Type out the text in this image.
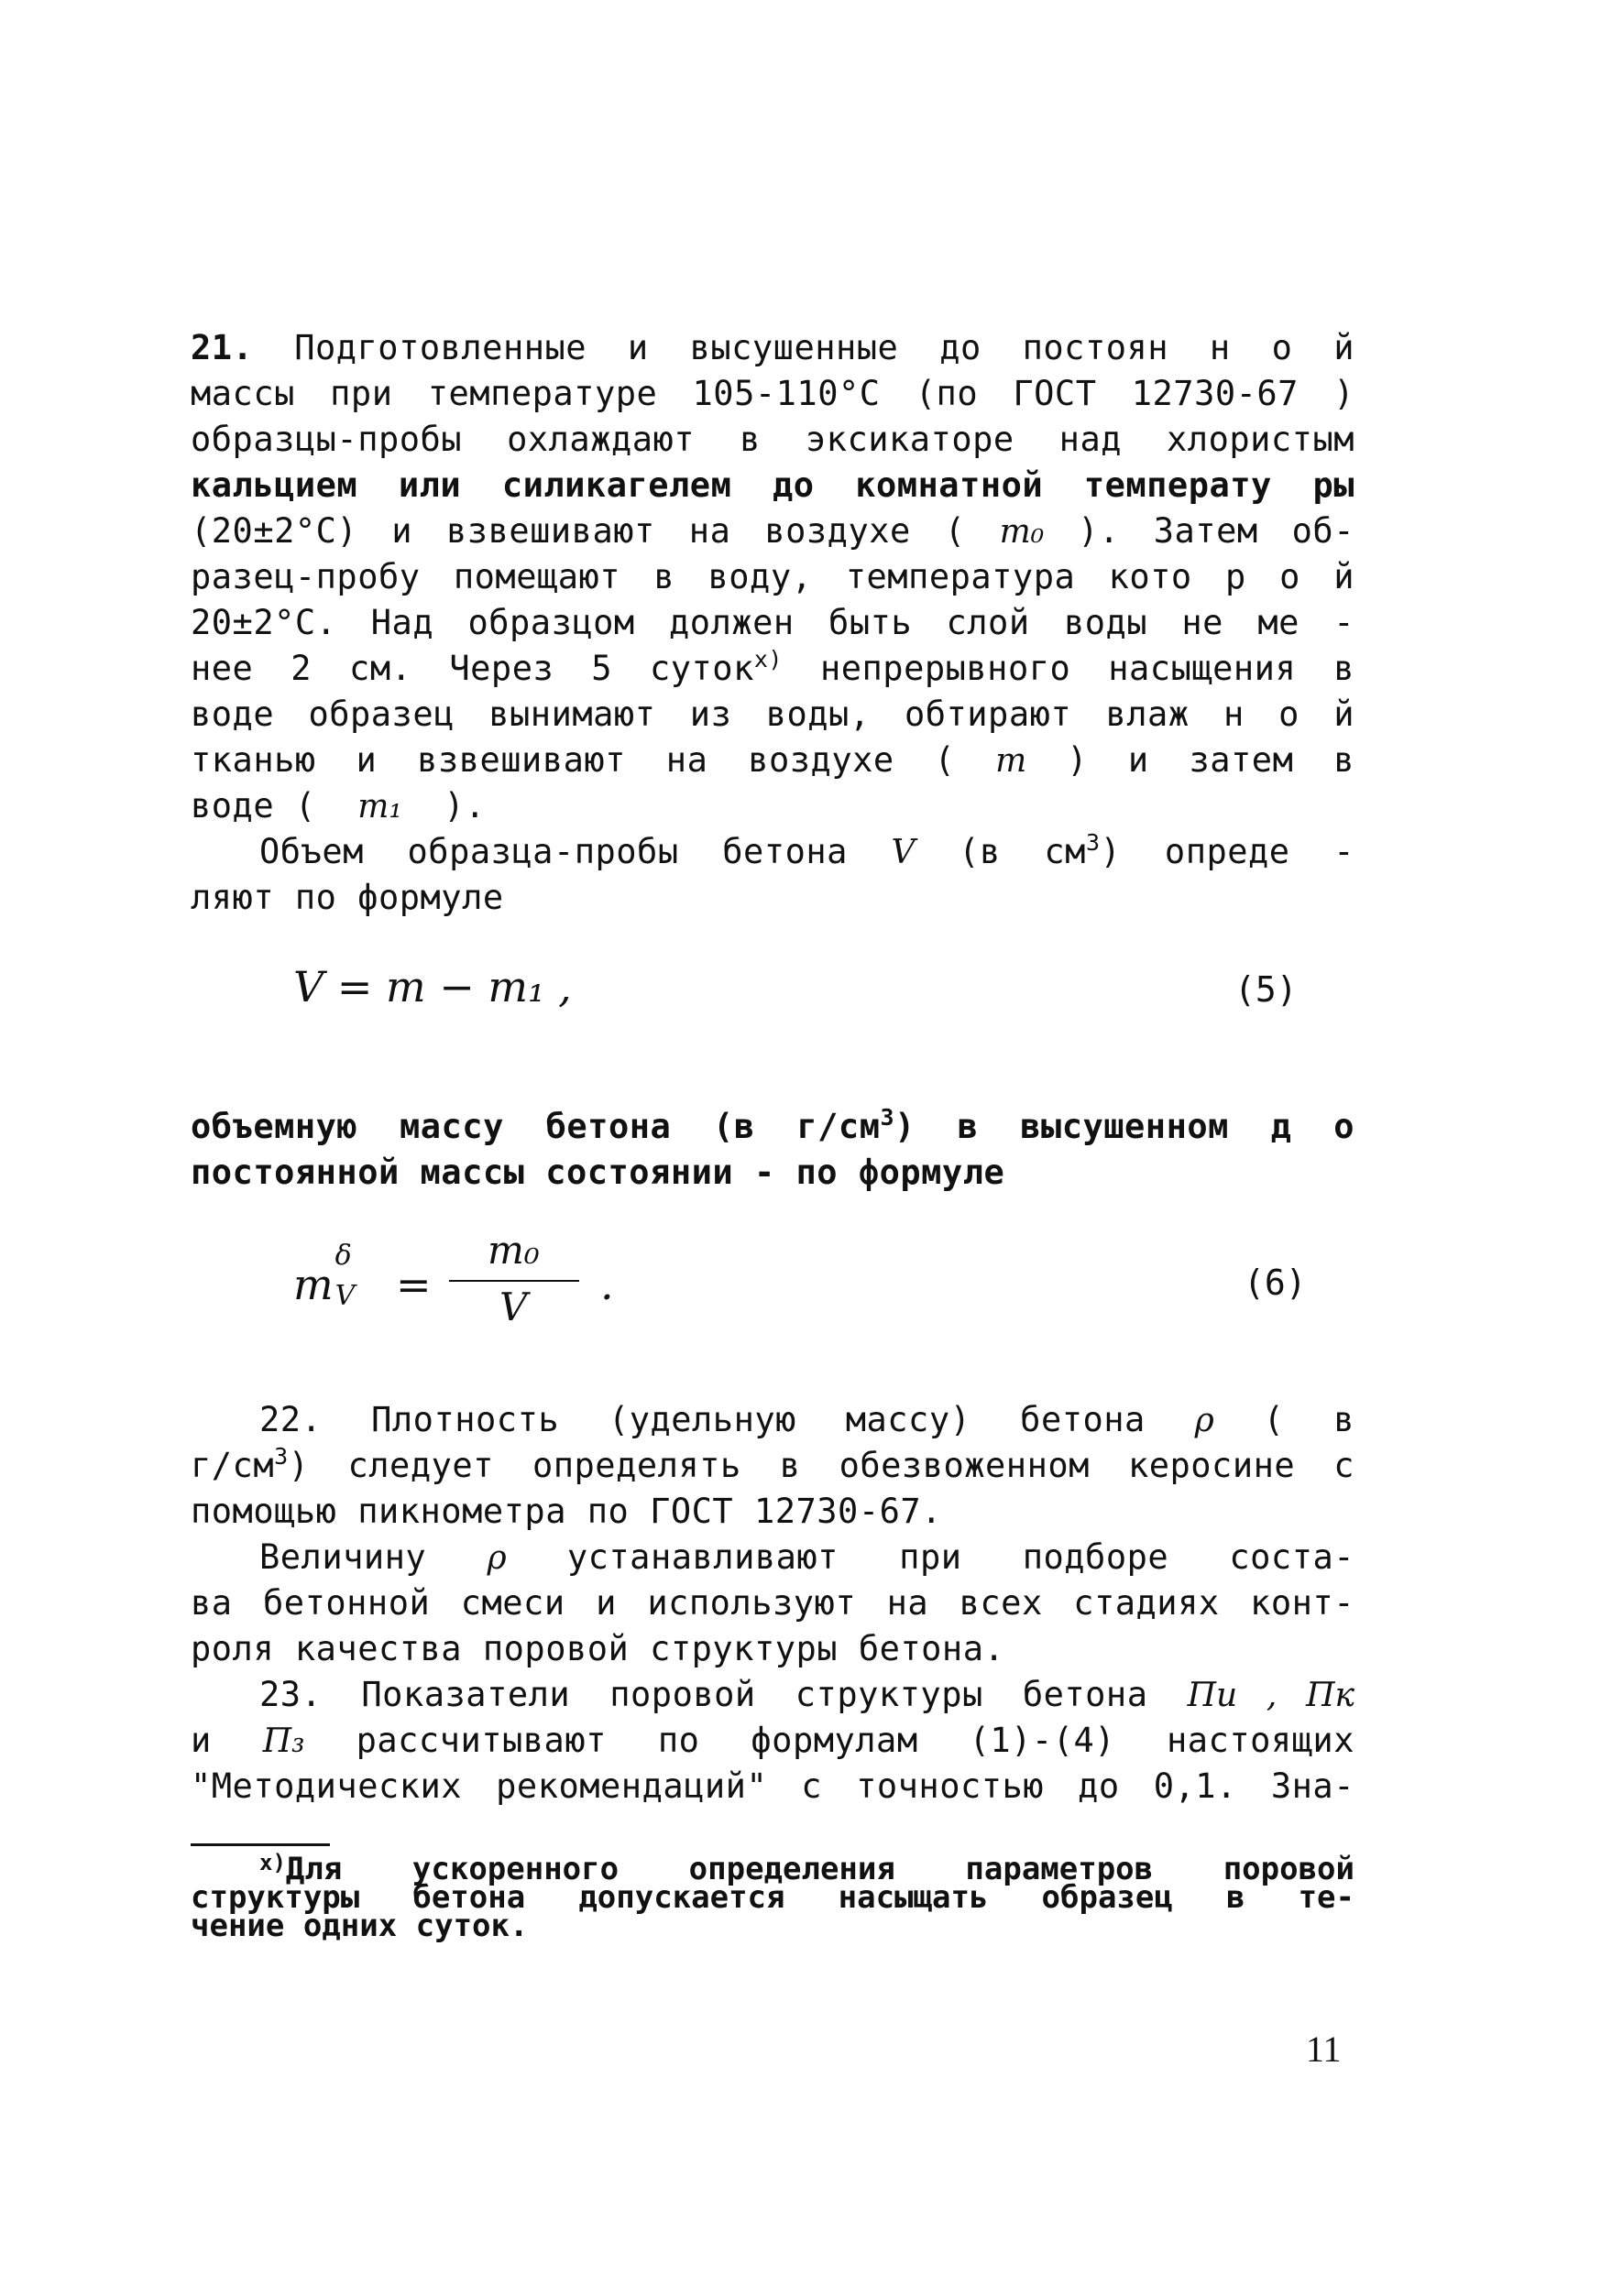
21. Подготовленные и высушенные до постоян н о й
массы при температуре 105-110°С (по ГОСТ 12730-67 )
образцы-пробы охлаждают в эксикаторе над хлористым
кальцием или силикагелем до комнатной температу ры
(20±2°С) и взвешивают на воздухе ( m₀ ). Затем об-
разец-пробу помещают в воду, температура кото р о й
20±2°С. Над образцом должен быть слой воды не ме -
нее 2 см. Через 5 суток$^{x)}$ непрерывного насыщения в
воде образец вынимают из воды, обтирают влаж н о й
тканью и взвешивают на воздухе ( m ) и затем в
воде ( m₁ ).
Объем образца-пробы бетона V (в $см^3$) опреде -
ляют по формуле
V = m − m₁ ,	(5)
объемную массу бетона (в $г/см^3$) в высушенном д о
постоянной массы состоянии - по формуле
m
δ
V =
m₀
V .	(6)
22. Плотность (удельную массу) бетона ρ ( в
$г/см^3$) следует определять в обезвоженном керосине с
помощью пикнометра по ГОСТ 12730-67.
Величину ρ устанавливают при подборе соста-
ва бетонной смеси и используют на всех стадиях конт-
роля качества поровой структуры бетона.
23. Показатели поровой структуры бетона Пи , Пк
и П₃ рассчитывают по формулам (1)-(4) настоящих
"Методических рекомендаций" с точностью до 0,1. Зна-
$^{x)}$Для ускоренного определения параметров поровой
структуры бетона допускается насыщать образец в те-
чение одних суток.
11
